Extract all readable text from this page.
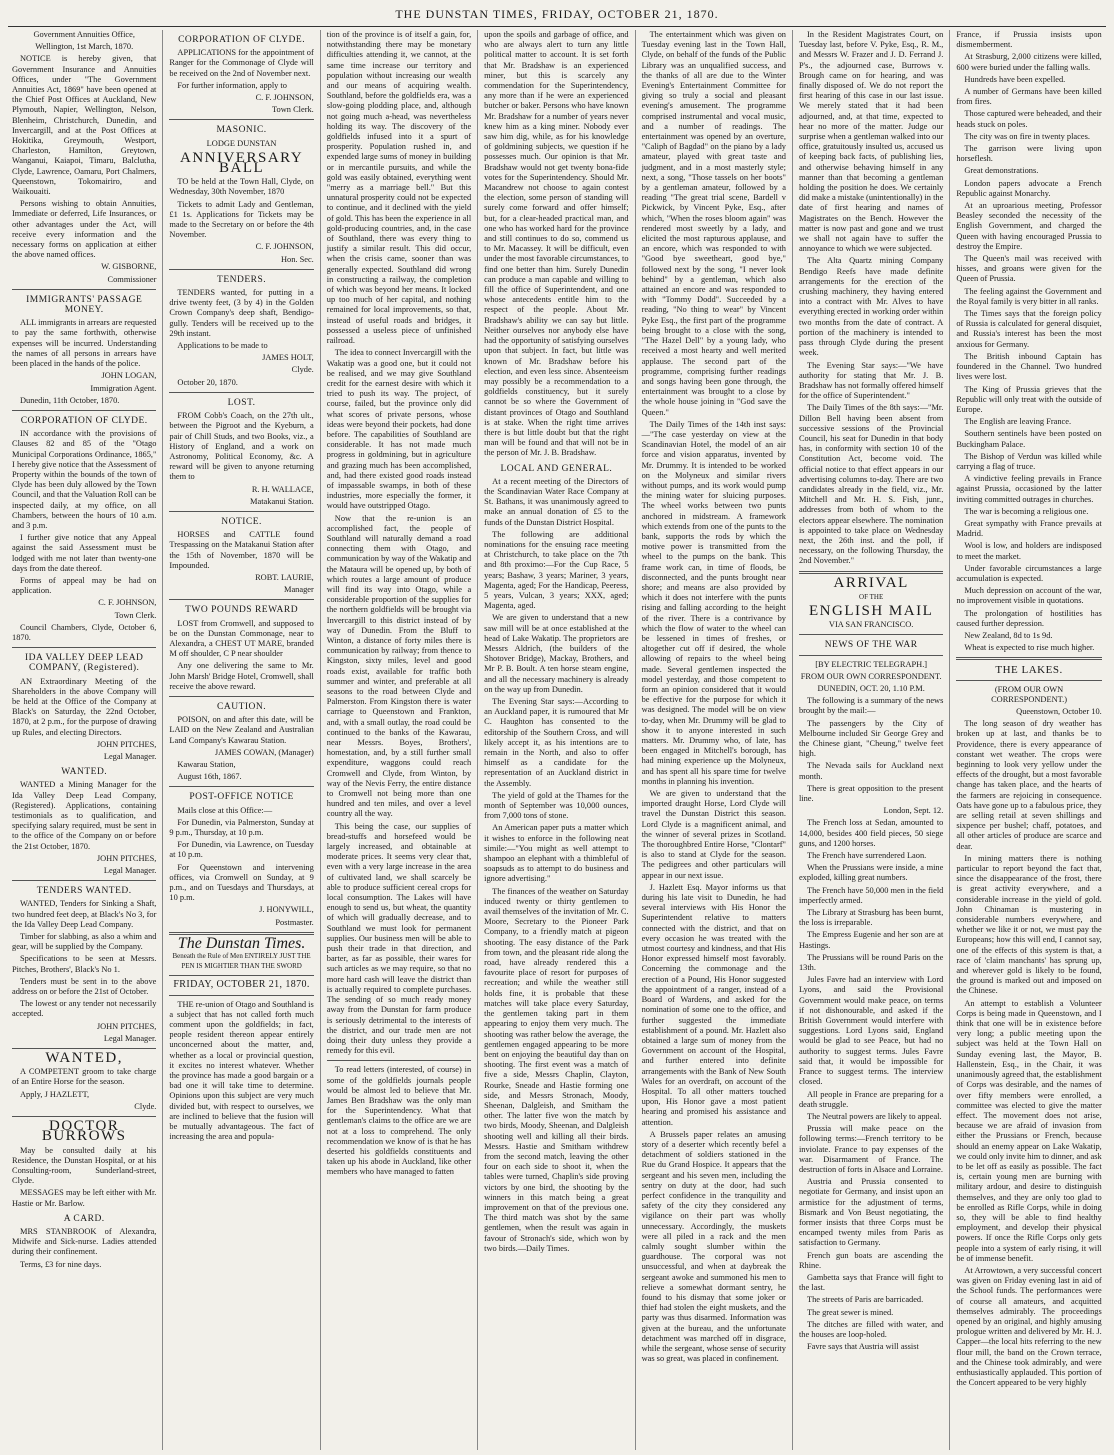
THE DUNSTAN TIMES, FRIDAY, OCTOBER 21, 1870.

Government Annuities Office,

Wellington, 1st March, 1870.

NOTICE is hereby given, that Government Insurance and Annuities Offices, under "The Government Annuities Act, 1869" have been opened at the Chief Post Offices at Auckland, New Plymouth, Napier, Wellington, Nelson, Blenheim, Christchurch, Dunedin, and Invercargill, and at the Post Offices at Hokitika, Greymouth, Westport, Charleston, Hamilton, Greytown, Wanganui, Kaiapoi, Timaru, Balclutha, Clyde, Lawrence, Oamaru, Port Chalmers, Queenstown, Tokomairiro, and Waikouaiti.

Persons wishing to obtain Annuities, Immediate or deferred, Life Insurances, or other advantages under the Act, will receive every information and the necessary forms on application at either the above named offices.

W. GISBORNE,

Commissioner

IMMIGRANTS' PASSAGE MONEY.

ALL immigrants in arrears are requested to pay the same forthwith, otherwise expenses will be incurred. Understanding the names of all persons in arrears have been placed in the hands of the police.

JOHN LOGAN,

Immigration Agent.

Dunedin, 11th October, 1870.

CORPORATION OF CLYDE.

IN accordance with the provisions of Clauses 82 and 85 of the "Otago Municipal Corporations Ordinance, 1865," I hereby give notice that the Assessment of Property within the bounds of the town of Clyde has been duly allowed by the Town Council, and that the Valuation Roll can be inspected daily, at my office, on all Chambers, between the hours of 10 a.m. and 3 p.m.

I further give notice that any Appeal against the said Assessment must be lodged with me not later than twenty-one days from the date thereof.

Forms of appeal may be had on application.

C. F. JOHNSON,

Town Clerk.

Council Chambers, Clyde, October 6, 1870.

IDA VALLEY DEEP LEAD COMPANY, (Registered).

AN Extraordinary Meeting of the Shareholders in the above Company will be held at the Office of the Company at Black's on Saturday, the 22nd October, 1870, at 2 p.m., for the purpose of drawing up Rules, and electing Directors.

JOHN PITCHES,

Legal Manager.

WANTED.

WANTED a Mining Manager for the Ida Valley Deep Lead Company, (Registered). Applications, containing testimonials as to qualification, and specifying salary required, must be sent in to the office of the Company on or before the 21st October, 1870.

JOHN PITCHES,

Legal Manager.

TENDERS WANTED.

WANTED, Tenders for Sinking a Shaft, two hundred feet deep, at Black's No 3, for the Ida Valley Deep Lead Company.

Timber for slabbing, as also a whim and gear, will be supplied by the Company.

Specifications to be seen at Messrs. Pitches, Brothers', Black's No 1.

Tenders must be sent in to the above address on or before the 21st of October.

The lowest or any tender not necessarily accepted.

JOHN PITCHES,

Legal Manager.

WANTED,

A COMPETENT groom to take charge of an Entire Horse for the season.

Apply, J HAZLETT,

Clyde.

DOCTOR BURROWS

May be consulted daily at his Residence, the Dunstan Hospital, or at his Consulting-room, Sunderland-street, Clyde.

MESSAGES may be left either with Mr. Hastie or Mr. Barlow.

A CARD.

MRS STANBROOK of Alexandra, Midwife and Sick-nurse. Ladies attended during their confinement.

Terms, £3 for nine days.

CORPORATION OF CLYDE.

APPLICATIONS for the appointment of Ranger for the Commonage of Clyde will be received on the 2nd of November next.

For further information, apply to

C. F. JOHNSON,

Town Clerk.

MASONIC.

LODGE DUNSTAN

ANNIVERSARY BALL

TO be held at the Town Hall, Clyde, on Wednesday, 30th November, 1870

Tickets to admit Lady and Gentleman, £1 1s. Applications for Tickets may be made to the Secretary on or before the 4th November.

C. F. JOHNSON,

Hon. Sec.

TENDERS.

TENDERS wanted, for putting in a drive twenty feet, (3 by 4) in the Golden Crown Company's deep shaft, Bendigo-gully. Tenders will be received up to the 29th instant.

Applications to be made to

JAMES HOLT,

Clyde.

October 20, 1870.

LOST.

FROM Cobb's Coach, on the 27th ult., between the Pigroot and the Kyeburn, a pair of Chill Studs, and two Books, viz., a History of England, and a work on Astronomy, Political Economy, &c. A reward will be given to anyone returning them to

R. H. WALLACE,

Matakanui Station.

NOTICE.

HORSES and CATTLE found Trespassing on the Matakanui Station after the 15th of November, 1870 will be Impounded.

ROBT. LAURIE,

Manager

TWO POUNDS REWARD

LOST from Cromwell, and supposed to be on the Dunstan Commonage, near to Alexandra, a CHEST UT MARE, branded M off shoulder, C P near shoulder

Any one delivering the same to Mr. John Marsh' Bridge Hotel, Cromwell, shall receive the above reward.

CAUTION.

POISON, on and after this date, will be LAID on the New Zealand and Australian Land Company's Kawarau Station.

JAMES COWAN, (Manager)

Kawarau Station,

August 16th, 1867.

POST-OFFICE NOTICE

Mails close at this Office:—

For Dunedin, via Palmerston, Sunday at 9 p.m., Thursday, at 10 p.m.

For Dunedin, via Lawrence, on Tuesday at 10 p.m.

For Queenstown and intervening offices, via Cromwell on Sunday, at 9 p.m., and on Tuesdays and Thursdays, at 10 p.m.

J. HONYWILL,

Postmaster.

The Dunstan Times.

Beneath the Rule of Men ENTIRELY JUST THE PEN IS MIGHTIER THAN THE SWORD

FRIDAY, OCTOBER 21, 1870.

THE re-union of Otago and Southland is a subject that has not called forth much comment upon the goldfields; in fact, people resident thereon appear entirely unconcerned about the matter, and, whether as a local or provincial question, it excites no interest whatever. Whether the province has made a good bargain or a bad one it will take time to determine. Opinions upon this subject are very much divided but, with respect to ourselves, we are inclined to believe that the fusion will be mutually advantageous. The fact of increasing the area and popula-

tion of the province is of itself a gain, for, notwithstanding there may be monetary difficulties attending it, we cannot, at the same time increase our territory and population without increasing our wealth and our means of acquiring wealth. Southland, before the goldfields era, was a slow-going plodding place, and, although not going much a-head, was nevertheless holding its way. The discovery of the goldfields infused into it a spurt of prosperity. Population rushed in, and expended large sums of money in building or in mercantile pursuits, and while the gold was easily obtained, everything went "merry as a marriage bell." But this unnatural prosperity could not be expected to continue, and it declined with the yield of gold. This has been the experience in all gold-producing countries, and, in the case of Southland, there was every thing to justify a similar result. This did occur, when the crisis came, sooner than was generally expected. Southland did wrong in constructing a railway, the completion of which was beyond her means. It locked up too much of her capital, and nothing remained for local improvements, so that, instead of useful roads and bridges, it possessed a useless piece of unfinished railroad.

The idea to connect Invercargill with the Wakatip was a good one, but it could not be realised, and we may give Southland credit for the earnest desire with which it tried to push its way. The project, of course, failed, but the province only did what scores of private persons, whose ideas were beyond their pockets, had done before. The capabilities of Southland are considerable. It has not made much progress in goldmining, but in agriculture and grazing much has been accomplished, and, had there existed good roads instead of impassable swamps, in both of these industries, more especially the former, it would have outstripped Otago.

Now that the re-union is an accomplished fact, the people of Southland will naturally demand a road connecting them with Otago, and communication by way of the Wakatip and the Mataura will be opened up, by both of which routes a large amount of produce will find its way into Otago, while a considerable proportion of the supplies for the northern goldfields will be brought via Invercargill to this district instead of by way of Dunedin. From the Bluff to Winton, a distance of forty miles there is communication by railway; from thence to Kingston, sixty miles, level and good roads exist, available for traffic both summer and winter, and preferable at all seasons to the road between Clyde and Palmerston. From Kingston there is water carriage to Queenstown and Frankton, and, with a small outlay, the road could be continued to the banks of the Kawarau, near Messrs. Boyes, Brothers', homestation, and, by a still further small expenditure, waggons could reach Cromwell and Clyde, from Winton, by way of the Nevis Ferry, the entire distance to Cromwell not being more than one hundred and ten miles, and over a level country all the way.

This being the case, our supplies of bread-stuffs and horsefeed would be largely increased, and obtainable at moderate prices. It seems very clear that, even with a very large increase in the area of cultivated land, we shall scarcely be able to produce sufficient cereal crops for local consumption. The Lakes will have enough to send us, but wheat, the quantity of which will gradually decrease, and to Southland we must look for permanent supplies. Our business men will be able to push their trade in that direction, and barter, as far as possible, their wares for such articles as we may require, so that no more hard cash will leave the district than is actually required to complete purchases. The sending of so much ready money away from the Dunstan for farm produce is seriously detrimental to the interests of the district, and our trade men are not doing their duty unless they provide a remedy for this evil.

To read letters (interested, of course) in some of the goldfields journals people would be almost led to believe that Mr. James Ben Bradshaw was the only man for the Superintendency. What that gentleman's claims to the office are we are not at a loss to comprehend. The only recommendation we know of is that he has deserted his goldfields constituents and taken up his abode in Auckland, like other members who have managed to fatten

upon the spoils and garbage of office, and who are always alert to turn any little political matter to account. It is set forth that Mr. Bradshaw is an experienced miner, but this is scarcely any commendation for the Superintendency, any more than if he were an experienced butcher or baker. Persons who have known Mr. Bradshaw for a number of years never knew him as a king miner. Nobody ever saw him dig, while, as for his knowledge of goldmining subjects, we question if he possesses much. Our opinion is that Mr. Bradshaw would not get twenty bona-fide votes for the Superintendency. Should Mr. Macandrew not choose to again contest the election, some person of standing will surely come forward and offer himself; but, for a clear-headed practical man, and one who has worked hard for the province and still continues to do so, commend us to Mr. Macassey. It will be difficult, even under the most favorable circumstances, to find one better than him. Surely Dunedin can produce a man capable and willing to fill the office of Superintendent, and one whose antecedents entitle him to the respect of the people. About Mr. Bradshaw's ability we can say but little. Neither ourselves nor anybody else have had the opportunity of satisfying ourselves upon that subject. In fact, but little was known of Mr. Bradshaw before his election, and even less since. Absenteeism may possibly be a recommendation to a goldfields constituency, but it surely cannot be so where the Government of distant provinces of Otago and Southland is at stake. When the right time arrives there is but little doubt but that the right man will be found and that will not be in the person of Mr. J. B. Bradshaw.

LOCAL AND GENERAL.

At a recent meeting of the Directors of the Scandinavian Water Race Company at St. Bathans, it was unanimously agreed to make an annual donation of £5 to the funds of the Dunstan District Hospital.

The following are additional nominations for the ensuing race meeting at Christchurch, to take place on the 7th and 8th proximo:—For the Cup Race, 5 years; Bashaw, 3 years; Mariner, 3 years, Magenta, aged; For the Handicap, Peeress, 5 years, Vulcan, 3 years; XXX, aged; Magenta, aged.

We are given to understand that a new saw mill will be at once established at the head of Lake Wakatip. The proprietors are Messrs Aldrich, (the builders of the Shotover Bridge), Mackay, Brothers, and Mr P. B. Boult. A ten horse steam engine, and all the necessary machinery is already on the way up from Dunedin.

The Evening Star says:—According to an Auckland paper, it is rumoured that Mr C. Haughton has consented to the editorship of the Southern Cross, and will likely accept it, as his intentions are to remain in the North, and also to offer himself as a candidate for the representation of an Auckland district in the Assembly.

The yield of gold at the Thames for the month of September was 10,000 ounces, from 7,000 tons of stone.

An American paper puts a matter which it wishes to enforce in the following neat simile:—"You might as well attempt to shampoo an elephant with a thimbleful of soapsuds as to attempt to do business and ignore advertising."

The finances of the weather on Saturday induced twenty or thirty gentlemen to avail themselves of the invitation of Mr. C. Moore, Secretary to the Pioneer Park Company, to a friendly match at pigeon shooting. The easy distance of the Park from town, and the pleasant ride along the road, have already rendered this a favourite place of resort for purposes of recreation; and while the weather still holds fine, it is probable that these matches will take place every Saturday, the gentlemen taking part in them appearing to enjoy them very much. The shooting was rather below the average, the gentlemen engaged appearing to be more bent on enjoying the beautiful day than on shooting. The first event was a match of five a side, Messrs Chaplin, Clayton, Rourke, Sneade and Hastie forming one side, and Messrs Stronach, Moody, Sheenan, Dalgleish, and Smitham the other. The latter five won the match by two birds, Moody, Sheenan, and Dalgleish shooting well and killing all their birds. Messrs. Hastie and Smitham withdrew from the second match, leaving the other four on each side to shoot it, when the tables were turned, Chaplin's side proving victors by one bird, the shooting by the winners in this match being a great improvement on that of the previous one. The third match was shot by the same gentlemen, when the result was again in favour of Stronach's side, which won by two birds.—Daily Times.

The entertainment which was given on Tuesday evening last in the Town Hall, Clyde, on behalf of the funds of the Public Library was an unqualified success, and the thanks of all are due to the Winter Evening's Entertainment Committee for giving so truly a social and pleasant evening's amusement. The programme comprised instrumental and vocal music, and a number of readings. The entertainment was opened by an overture, "Caliph of Bagdad" on the piano by a lady amateur, played with great taste and judgment, and in a most masterly style; next, a song, "Those tassels on her boots" by a gentleman amateur, followed by a reading "The great trial scene, Bardell v Pickwick, by Vincent Pyke, Esq., after which, "When the roses bloom again" was rendered most sweetly by a lady, and elicited the most rapturous applause, and an encore, which was responded to with "Good bye sweetheart, good bye," followed next by the song, "I never look behind" by a gentleman, which also attained an encore and was responded to with "Tommy Dodd". Succeeded by a reading, "No thing to wear" by Vincent Pyke Esq., the first part of the programme being brought to a close with the song, "The Hazel Dell" by a young lady, who received a most hearty and well merited applause. The second part of the programme, comprising further readings and songs having been gone through, the entertainment was brought to a close by the whole house joining in "God save the Queen."

The Daily Times of the 14th inst says:—"The case yesterday on view at the Scandinavian Hotel, the model of an air force and vision apparatus, invented by Mr. Drummy. It is intended to be worked on the Molyneux and similar rivers without pumps, and its work would pump the mining water for sluicing purposes. The wheel works between two punts anchored in midstream. A framework which extends from one of the punts to the bank, supports the rods by which the motive power is transmitted from the wheel to the pumps on the bank. This frame work can, in time of floods, be disconnected, and the punts brought near shore; and means are also provided by which it does not interfere with the punts rising and falling according to the height of the river. There is a contrivance by which the flow of water to the wheel can be lessened in times of freshes, or altogether cut off if desired, the whole allowing of repairs to the wheel being made. Several gentlemen inspected the model yesterday, and those competent to form an opinion considered that it would be effective for the purpose for which it was designed. The model will be on view to-day, when Mr. Drummy will be glad to show it to anyone interested in such matters. Mr. Drummy who, of late, has been engaged in Mitchell's borough, has had mining experience up the Molyneux, and has spent all his spare time for twelve months in planning his invention.

We are given to understand that the imported draught Horse, Lord Clyde will travel the Dunstan District this season. Lord Clyde is a magnificent animal, and the winner of several prizes in Scotland. The thoroughbred Entire Horse, "Clontarf" is also to stand at Clyde for the season. The pedigrees and other particulars will appear in our next issue.

J. Hazlett Esq. Mayor informs us that during his late visit to Dunedin, he had several interviews with His Honor the Superintendent relative to matters connected with the district, and that on every occasion he was treated with the utmost courtesy and kindness, and that His Honor expressed himself most favorably. Concerning the commonage and the erection of a Pound, His Honor suggested the appointment of a ranger, instead of a Board of Wardens, and asked for the nomination of some one to the office, and further suggested the immediate establishment of a pound. Mr. Hazlett also obtained a large sum of money from the Government on account of the Hospital, and further entered into definite arrangements with the Bank of New South Wales for an overdraft, on account of the Hospital. To all other matters touched upon, His Honor gave a most patient hearing and promised his assistance and attention.

A Brussels paper relates an amusing story of a deserter which recently befel a detachment of soldiers stationed in the Rue du Grand Hospice. It appears that the sergeant and his seven men, including the sentry on duty at the door, had such perfect confidence in the tranquility and safety of the city they considered any vigilance on their part was wholly unnecessary. Accordingly, the muskets were all piled in a rack and the men calmly sought slumber within the guardhouse. The corporal was not unsuccessful, and when at daybreak the sergeant awoke and summoned his men to relieve a somewhat dormant sentry, he found to his dismay that some joker or thief had stolen the eight muskets, and the party was thus disarmed. Information was given at the bureau, and the unfortunate detachment was marched off in disgrace, while the sergeant, whose sense of security was so great, was placed in confinement.

In the Resident Magistrates Court, on Tuesday last, before V. Pyke, Esq., R. M., and Messrs W. Frazer and J. D. Ferrand J. P's., the adjourned case, Burrows v. Brough came on for hearing, and was finally disposed of. We do not report the first hearing of this case in our last issue. We merely stated that it had been adjourned, and, at that time, expected to hear no more of the matter. Judge our surprise when a gentleman walked into our office, gratuitously insulted us, accused us of keeping back facts, of publishing lies, and otherwise behaving himself in any manner than that becoming a gentleman holding the position he does. We certainly did make a mistake (unintentionally) in the date of first hearing and names of Magistrates on the Bench. However the matter is now past and gone and we trust we shall not again have to suffer the annoyance to which we were subjected.

The Alta Quartz mining Company Bendigo Reefs have made definite arrangements for the erection of the crushing machinery, they having entered into a contract with Mr. Alves to have everything erected in working order within two months from the date of contract. A portion of the machinery is intended to pass through Clyde during the present week.

The Evening Star says:—"We have authority for stating that Mr. J. B. Bradshaw has not formally offered himself for the office of Superintendent."

The Daily Times of the 8th says:—"Mr. Dillon Bell having been absent from successive sessions of the Provincial Council, his seat for Dunedin in that body has, in conformity with section 10 of the Constitution Act, become void. The official notice to that effect appears in our advertising columns to-day. There are two candidates already in the field, viz., Mr. Mitchell and Mr. H. S. Fish, junr., addresses from both of whom to the electors appear elsewhere. The nomination is appointed to take place on Wednesday next, the 26th inst. and the poll, if necessary, on the following Thursday, the 2nd November."

ARRIVAL

OF THE

ENGLISH MAIL

VIA SAN FRANCISCO.

NEWS OF THE WAR

[BY ELECTRIC TELEGRAPH.]

FROM OUR OWN CORRESPONDENT.

DUNEDIN, OCT. 20, 1.10 P.M.

The following is a summary of the news brought by the mail:—

The passengers by the City of Melbourne included Sir George Grey and the Chinese giant, "Cheung," twelve feet high.

The Nevada sails for Auckland next month.

There is great opposition to the present line.

London, Sept. 12.

The French loss at Sedan, amounted to 14,000, besides 400 field pieces, 50 siege guns, and 1200 horses.

The French have surrendered Laon.

When the Prussians were inside, a mine exploded, killing great numbers.

The French have 50,000 men in the field imperfectly armed.

The Library at Strasburg has been burnt, the loss is irreparable.

The Empress Eugenie and her son are at Hastings.

The Prussians will be round Paris on the 13th.

Jules Favre had an interview with Lord Lyons, and said the Provisional Government would make peace, on terms if not dishonourable, and asked if the British Government would interfere with suggestions. Lord Lyons said, England would be glad to see Peace, but had no authority to suggest terms. Jules Favre said that, it would be impossible for France to suggest terms. The interview closed.

All people in France are preparing for a death struggle.

The Neutral powers are likely to appeal.

Prussia will make peace on the following terms:—French territory to be inviolate. France to pay expenses of the war. Disarmament of France. The destruction of forts in Alsace and Lorraine.

Austria and Prussia consented to negotiate for Germany, and insist upon an armistice for the adjustment of terms, Bismark and Von Beust negotiating, the former insists that three Corps must be encamped twenty miles from Paris as satisfaction to Germany.

French gun boats are ascending the Rhine.

Gambetta says that France will fight to the last.

The streets of Paris are barricaded.

The great sewer is mined.

The ditches are filled with water, and the houses are loop-holed.

Favre says that Austria will assist

France, if Prussia insists upon dismemberment.

At Strasburg, 2,000 citizens were killed, 600 were buried under the falling walls.

Hundreds have been expelled.

A number of Germans have been killed from fires.

Those captured were beheaded, and their heads stuck on poles.

The city was on fire in twenty places.

The garrison were living upon horseflesh.

Great demonstrations.

London papers advocate a French Republic against Monarchy.

At an uproarious meeting, Professor Beasley seconded the necessity of the English Government, and charged the Queen with having encouraged Prussia to destroy the Empire.

The Queen's mail was received with hisses, and groans were given for the Queen of Prussia.

The feeling against the Government and the Royal family is very bitter in all ranks.

The Times says that the foreign policy of Russia is calculated for general disquiet, and Russia's interest has been the most anxious for Germany.

The British inbound Captain has foundered in the Channel. Two hundred lives were lost.

The King of Prussia grieves that the Republic will only treat with the outside of Europe.

The English are leaving France.

Southern sentinels have been posted on Buckingham Palace.

The Bishop of Verdun was killed while carrying a flag of truce.

A vindictive feeling prevails in France against Prussia, occasioned by the latter inviting committed outrages in churches.

The war is becoming a religious one.

Great sympathy with France prevails at Madrid.

Wool is low, and holders are indisposed to meet the market.

Under favorable circumstances a large accumulation is expected.

Much depression on account of the war, no improvement visible in quotations.

The prolongation of hostilities has caused further depression.

New Zealand, 8d to 1s 9d.

Wheat is expected to rise much higher.

THE LAKES.

(FROM OUR OWN CORRESPONDENT.)

Queenstown, October 10.

The long season of dry weather has broken up at last, and thanks be to Providence, there is every appearance of constant wet weather. The crops were beginning to look very yellow under the effects of the drought, but a most favorable change has taken place, and the hearts of the farmers are rejoicing in consequence. Oats have gone up to a fabulous price, they are selling retail at seven shillings and sixpence per bushel; chaff, potatoes, and all other articles of produce are scarce and dear.

In mining matters there is nothing particular to report beyond the fact that, since the disappearance of the frost, there is great activity everywhere, and a considerable increase in the yield of gold. John Chinaman is mustering in considerable numbers everywhere, and whether we like it or not, we must pay the Europeans; how this will end, I cannot say, one of the effects of this system is that, a race of 'claim manchants' has sprung up, and wherever gold is likely to be found, the ground is marked out and imposed on the Chinese.

An attempt to establish a Volunteer Corps is being made in Queenstown, and I think that one will be in existence before very long; a public meeting upon the subject was held at the Town Hall on Sunday evening last, the Mayor, B. Hallenstein, Esq., in the Chair, it was unanimously agreed that, the establishment of Corps was desirable, and the names of over fifty members were enrolled, a committee was elected to give the matter effect. The movement does not arise, because we are afraid of invasion from either the Prussians or French, because should an enemy appear on Lake Wakatip, we could only invite him to dinner, and ask to be let off as easily as possible. The fact is, certain young men are burning with military ardour, and desire to distinguish themselves, and they are only too glad to be enrolled as Rifle Corps, while in doing so, they will be able to find healthy employment, and develop their physical powers. If once the Rifle Corps only gets people into a system of early rising, it will be of immense benefit.

At Arrowtown, a very successful concert was given on Friday evening last in aid of the School funds. The performances were of course all amateurs, and acquitted themselves admirably. The proceedings opened by an original, and highly amusing prologue written and delivered by Mr. H. J. Capper—the local hits referring to the new flour mill, the band on the Crown terrace, and the Chinese took admirably, and were enthusiastically applauded. This portion of the Concert appeared to be very highly
